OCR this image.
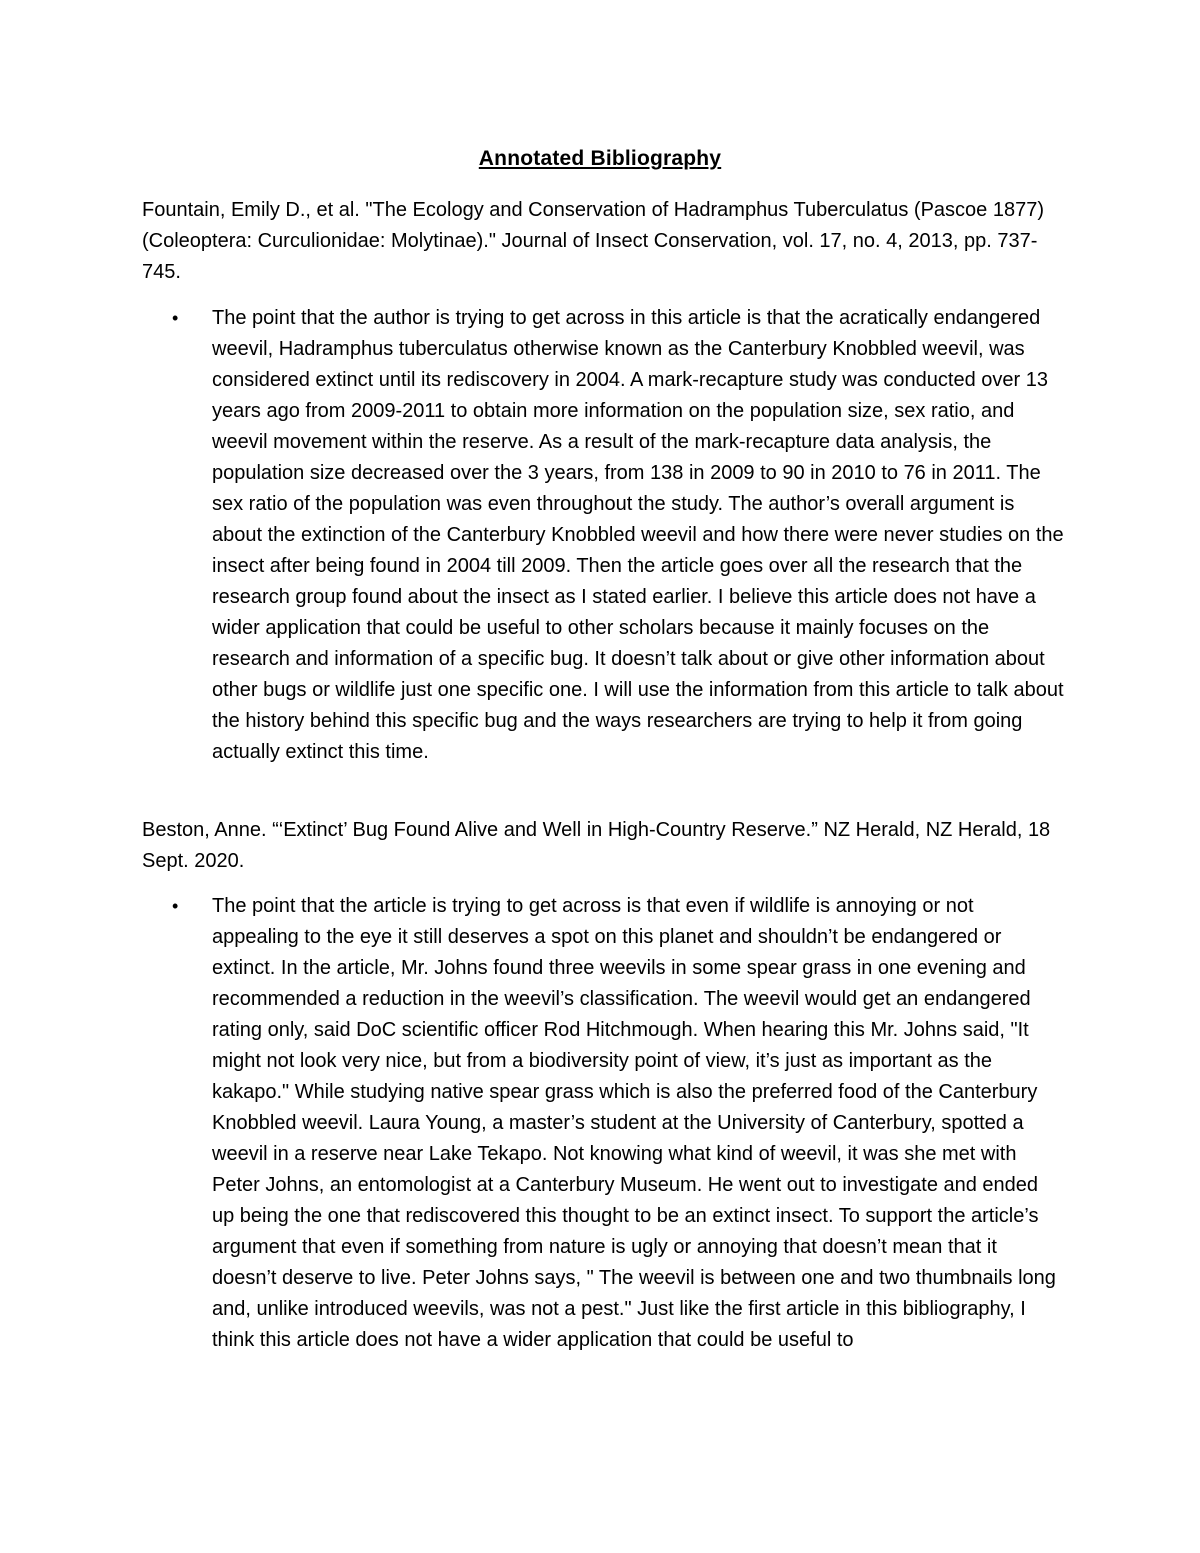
Annotated Bibliography

Fountain, Emily D., et al. "The Ecology and Conservation of Hadramphus Tuberculatus (Pascoe 1877) (Coleoptera: Curculionidae: Molytinae)." Journal of Insect Conservation, vol. 17, no. 4, 2013, pp. 737-745.

• The point that the author is trying to get across in this article is that the acratically endangered weevil, Hadramphus tuberculatus otherwise known as the Canterbury Knobbled weevil, was considered extinct until its rediscovery in 2004. A mark-recapture study was conducted over 13 years ago from 2009-2011 to obtain more information on the population size, sex ratio, and weevil movement within the reserve. As a result of the mark-recapture data analysis, the population size decreased over the 3 years, from 138 in 2009 to 90 in 2010 to 76 in 2011. The sex ratio of the population was even throughout the study. The author’s overall argument is about the extinction of the Canterbury Knobbled weevil and how there were never studies on the insect after being found in 2004 till 2009. Then the article goes over all the research that the research group found about the insect as I stated earlier. I believe this article does not have a wider application that could be useful to other scholars because it mainly focuses on the research and information of a specific bug. It doesn’t talk about or give other information about other bugs or wildlife just one specific one. I will use the information from this article to talk about the history behind this specific bug and the ways researchers are trying to help it from going actually extinct this time.

Beston, Anne. “‘Extinct’ Bug Found Alive and Well in High-Country Reserve.” NZ Herald, NZ Herald, 18 Sept. 2020.

• The point that the article is trying to get across is that even if wildlife is annoying or not appealing to the eye it still deserves a spot on this planet and shouldn’t be endangered or extinct. In the article, Mr. Johns found three weevils in some spear grass in one evening and recommended a reduction in the weevil’s classification. The weevil would get an endangered rating only, said DoC scientific officer Rod Hitchmough. When hearing this Mr. Johns said, "It might not look very nice, but from a biodiversity point of view, it’s just as important as the kakapo." While studying native spear grass which is also the preferred food of the Canterbury Knobbled weevil. Laura Young, a master’s student at the University of Canterbury, spotted a weevil in a reserve near Lake Tekapo. Not knowing what kind of weevil, it was she met with Peter Johns, an entomologist at a Canterbury Museum. He went out to investigate and ended up being the one that rediscovered this thought to be an extinct insect. To support the article’s argument that even if something from nature is ugly or annoying that doesn’t mean that it doesn’t deserve to live. Peter Johns says, " The weevil is between one and two thumbnails long and, unlike introduced weevils, was not a pest." Just like the first article in this bibliography, I think this article does not have a wider application that could be useful to
